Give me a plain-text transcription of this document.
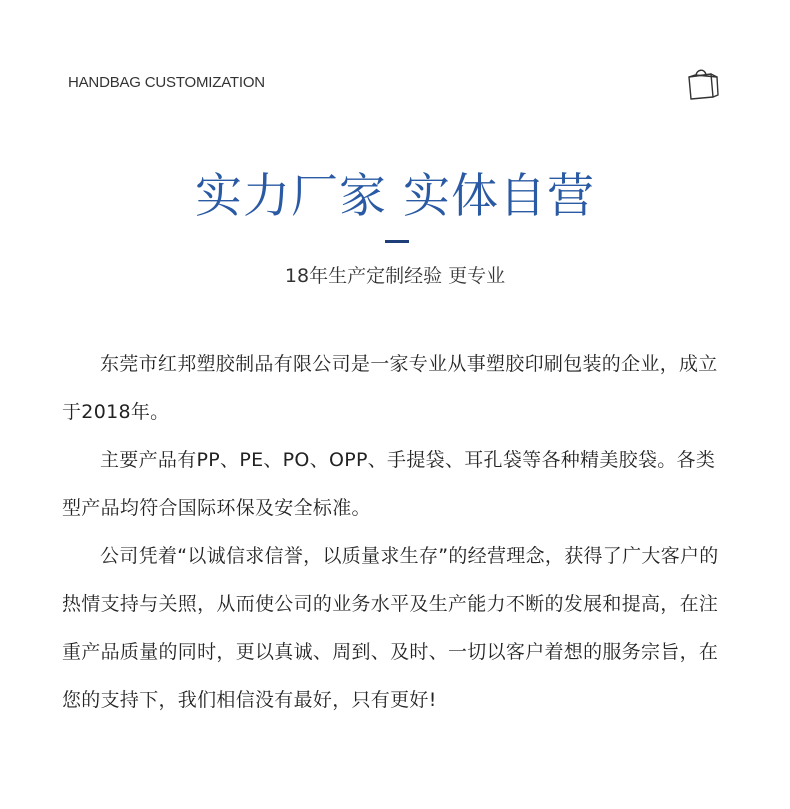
HANDBAG CUSTOMIZATION
实力厂家 实体自营
18年生产定制经验 更专业

东莞市红邦塑胶制品有限公司是一家专业从事塑胶印刷包装的企业，成立于2018年。

主要产品有PP、PE、PO、OPP、手提袋、耳孔袋等各种精美胶袋。各类型产品均符合国际环保及安全标准。

公司凭着“以诚信求信誉，以质量求生存”的经营理念，获得了广大客户的热情支持与关照，从而使公司的业务水平及生产能力不断的发展和提高，在注重产品质量的同时，更以真诚、周到、及时、一切以客户着想的服务宗旨，在您的支持下，我们相信没有最好，只有更好!
